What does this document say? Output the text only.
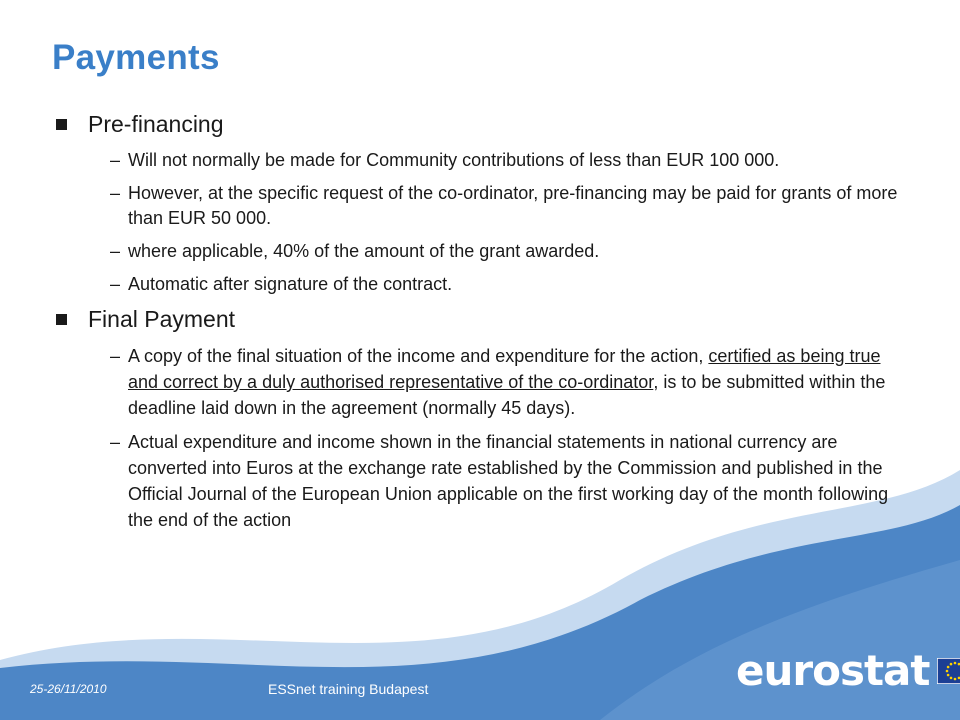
Payments
Pre-financing
– Will not normally be made for Community contributions of less than EUR 100 000.
– However, at the specific request of the co-ordinator, pre-financing may be paid for grants of more than EUR 50 000.
– where applicable, 40% of the amount of the grant awarded.
– Automatic after signature of the contract.
Final Payment
– A copy of the final situation of the income and expenditure for the action, certified as being true and correct by a duly authorised representative of the co-ordinator, is to be submitted within the deadline laid down in the agreement (normally 45 days).
– Actual expenditure and income shown in the financial statements in national currency are converted into Euros at the exchange rate established by the Commission and published in the Official Journal of the European Union applicable on the first working day of the month following the end of the action
25-26/11/2010	ESSnet training Budapest	eurostat
